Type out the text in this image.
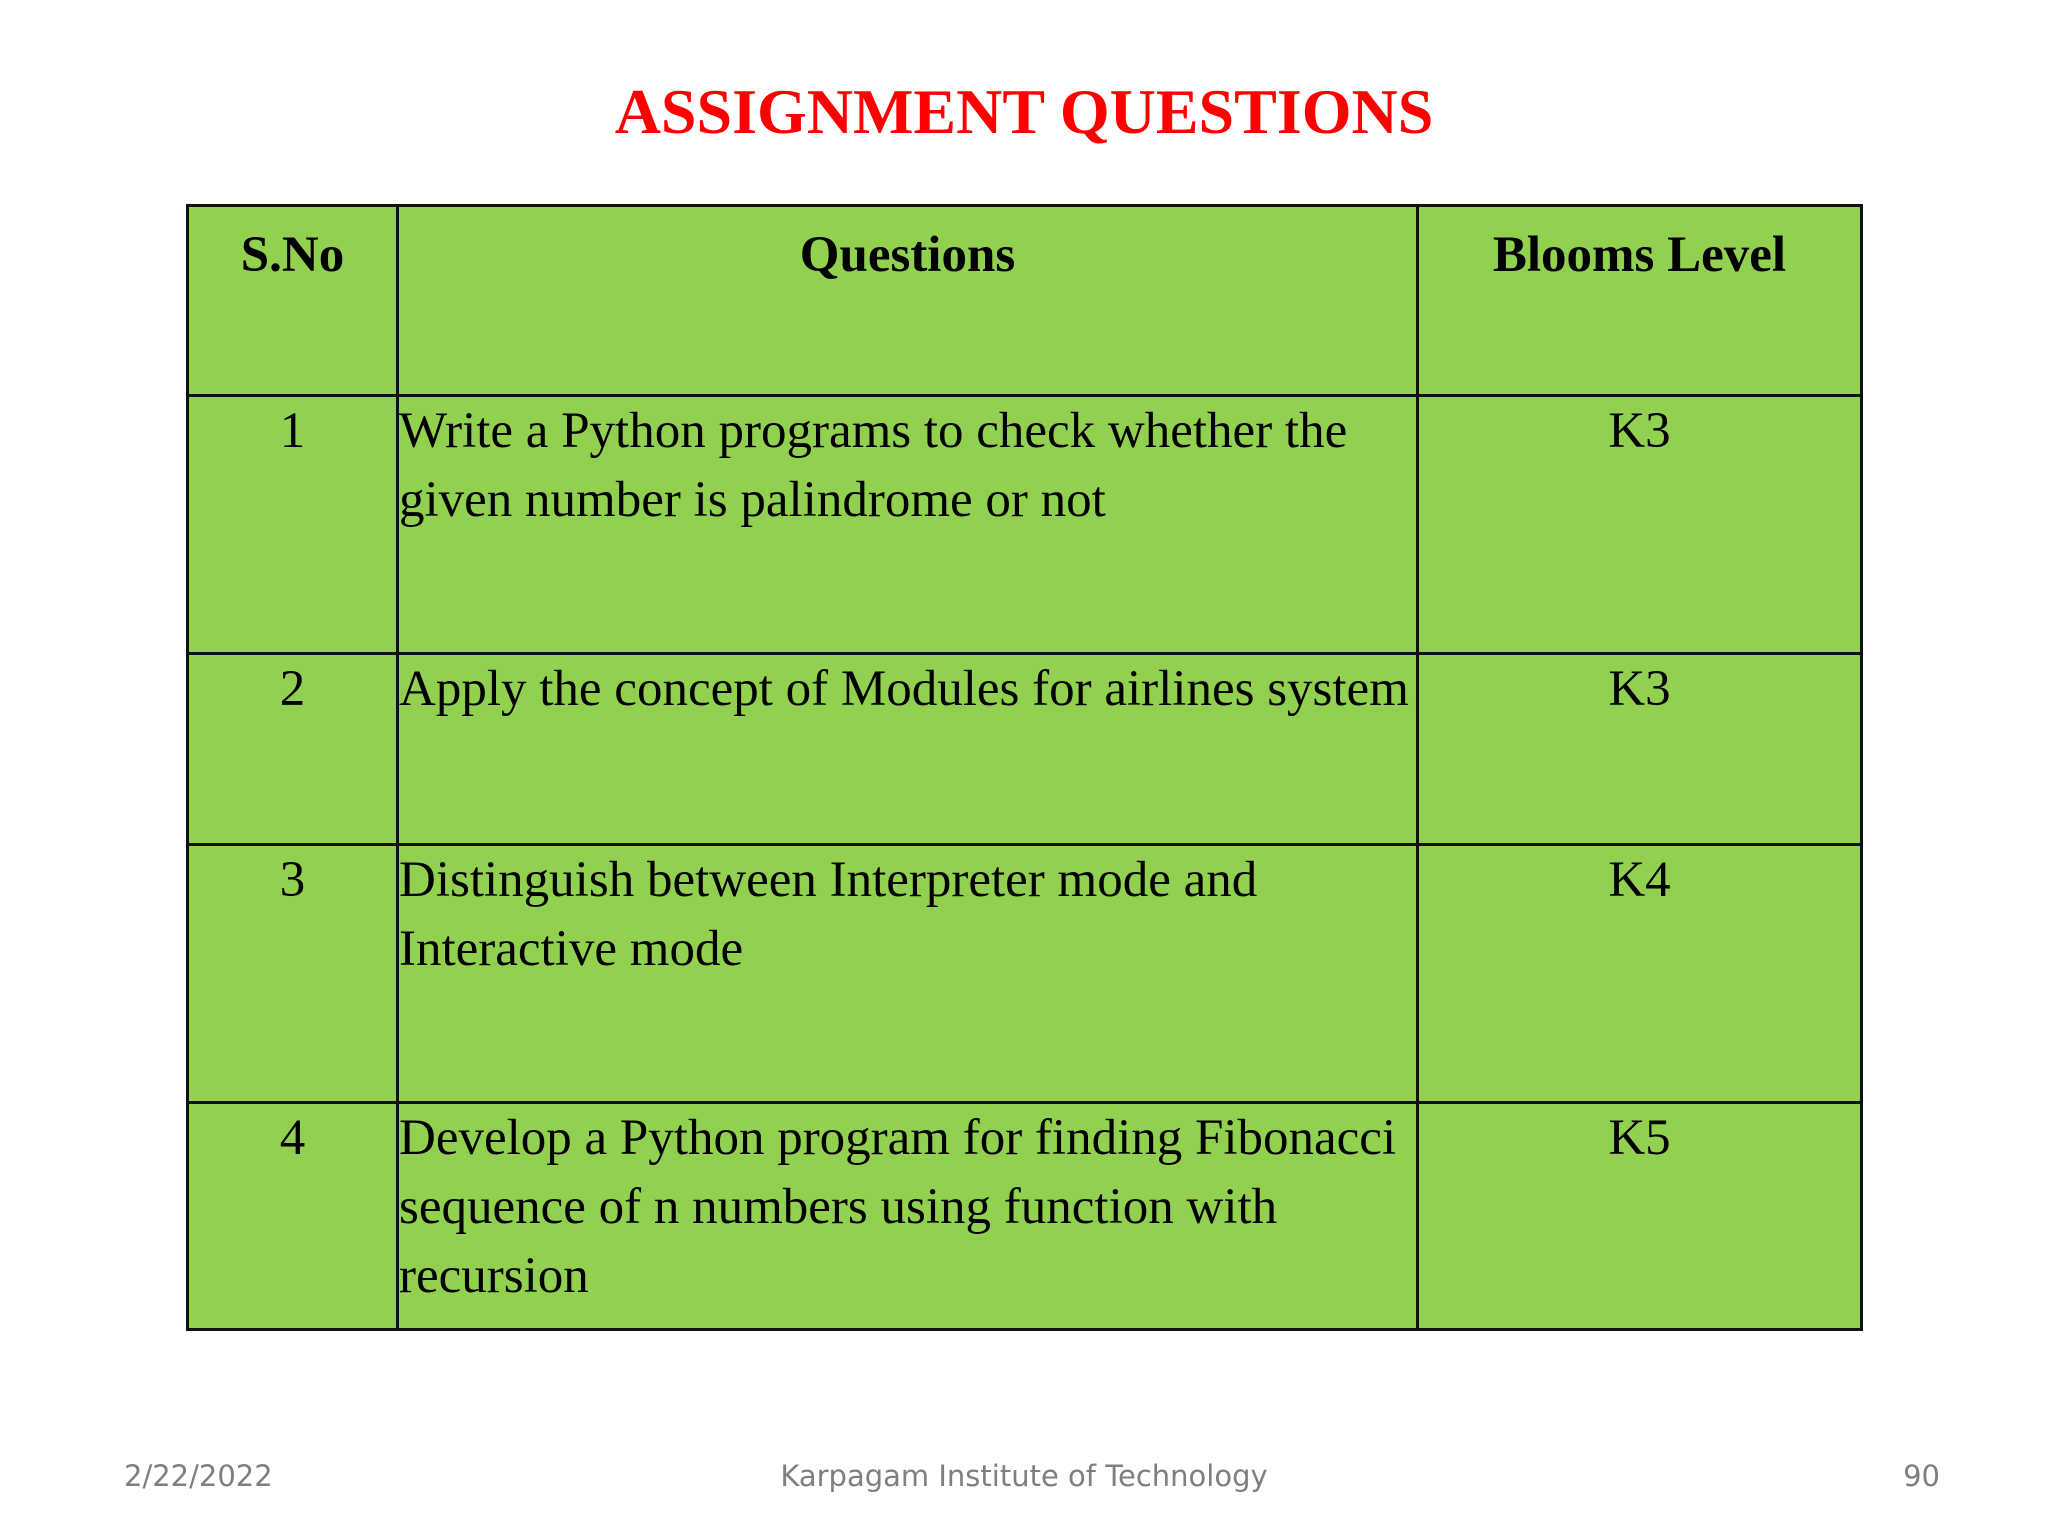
ASSIGNMENT QUESTIONS
S.No	Questions	Blooms Level
1	Write a Python programs to check whether the given number is palindrome or not	K3
2	Apply the concept of Modules for airlines system	K3
3	Distinguish between Interpreter mode and Interactive mode	K4
4	Develop a Python program for finding Fibonacci sequence of n numbers using function with recursion	K5
2/22/2022	Karpagam Institute of Technology	90
